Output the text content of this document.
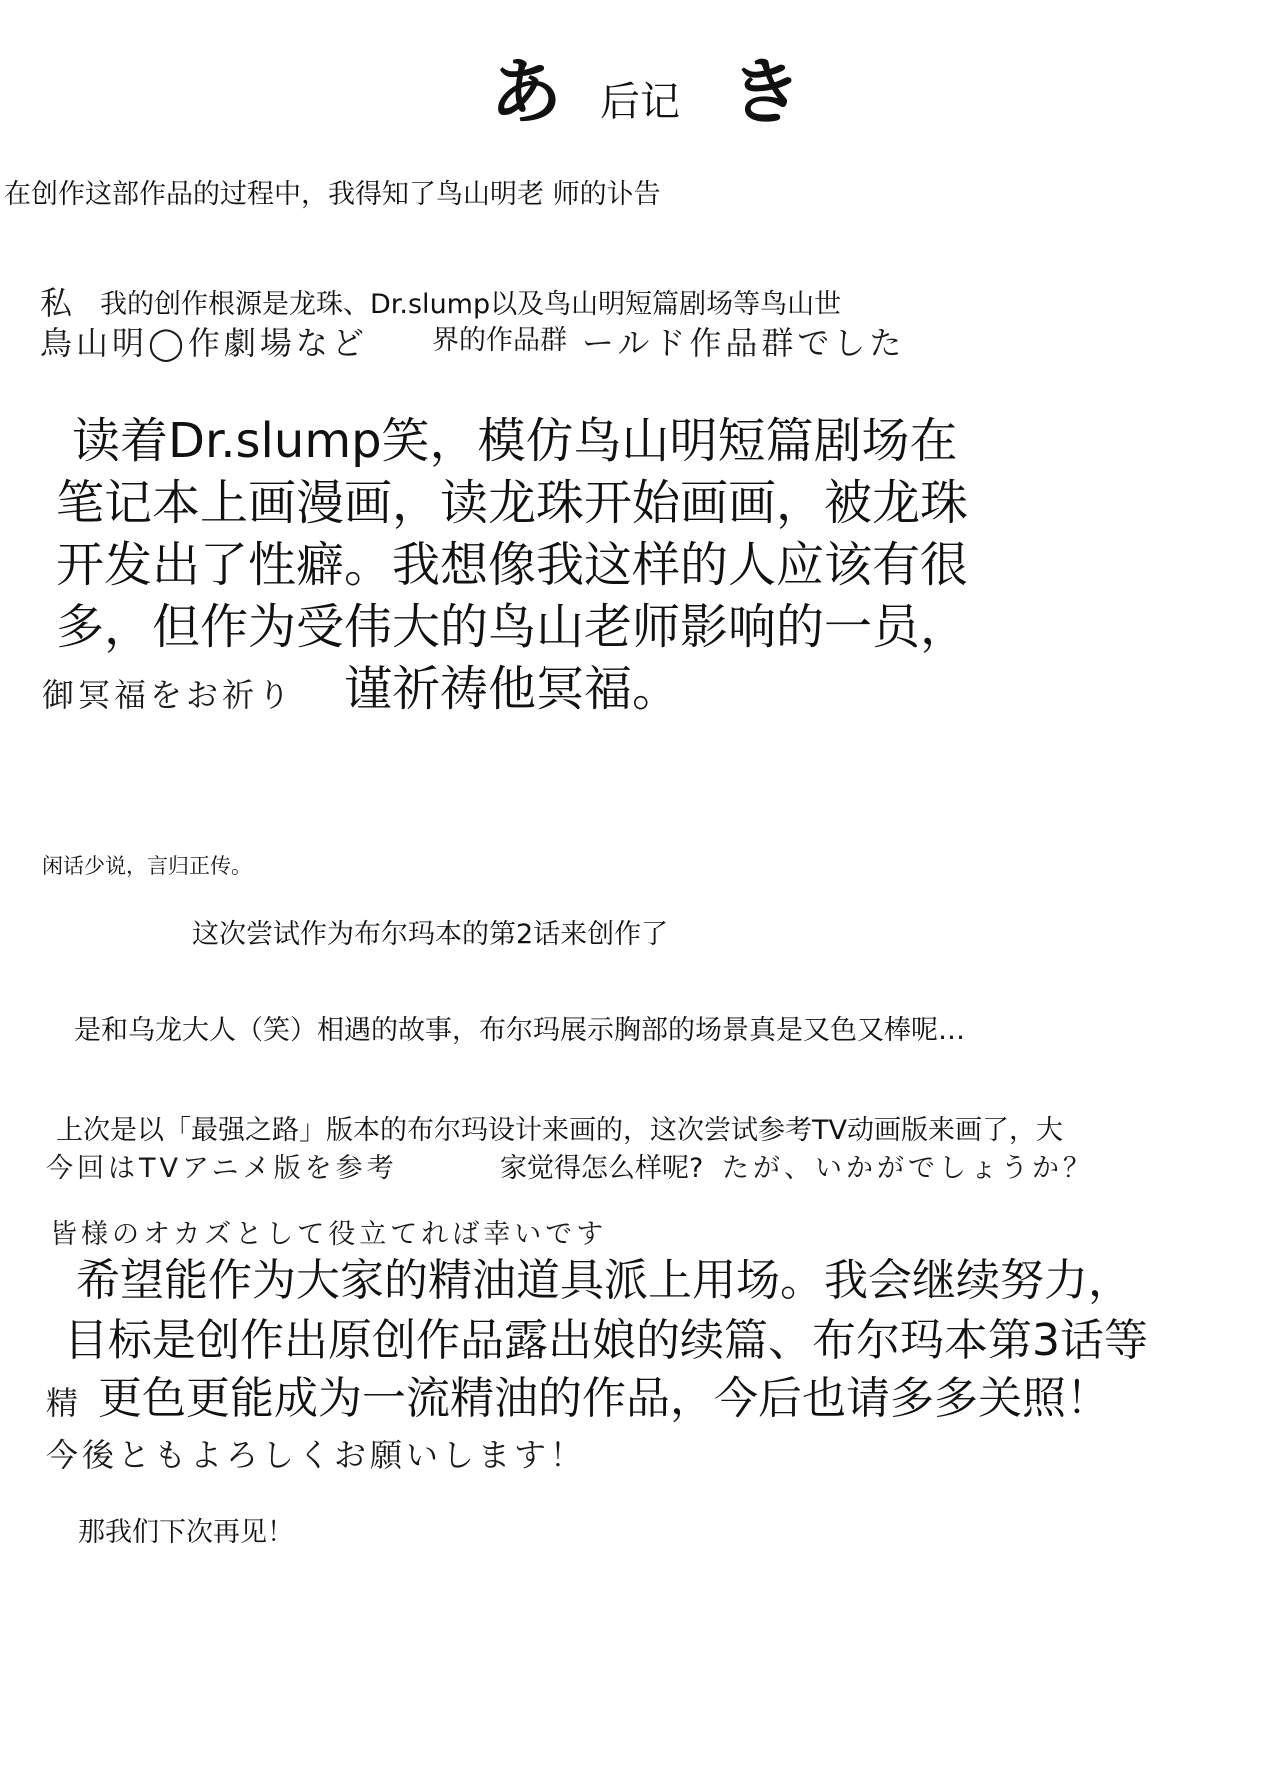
あ 后记 き

在创作这部作品的过程中，我得知了鸟山明老 师的讣告

私 我的创作根源是龙珠、Dr.slump以及鸟山明短篇剧场等鸟山世

鳥山明◯作劇場など 界的作品群 ールド作品群でした

读着Dr.slump笑，模仿鸟山明短篇剧场在

笔记本上画漫画，读龙珠开始画画，被龙珠

开发出了性癖。我想像我这样的人应该有很

多，但作为受伟大的鸟山老师影响的一员，

御冥福をお祈り 谨祈祷他冥福。

闲话少说，言归正传。

这次尝试作为布尔玛本的第2话来创作了

是和乌龙大人（笑）相遇的故事，布尔玛展示胸部的场景真是又色又棒呢…

上次是以「最强之路」版本的布尔玛设计来画的，这次尝试参考TV动画版来画了，大

今回はTVアニメ版を参考	家觉得怎么样呢? たが、いかがでしょうか？

皆様のオカズとして役立てれば幸いです

希望能作为大家的精油道具派上用场。我会继续努力，

目标是创作出原创作品露出娘的续篇、布尔玛本第3话等

精 更色更能成为一流精油的作品，今后也请多多关照！

今後ともよろしくお願いします！

那我们下次再见！
